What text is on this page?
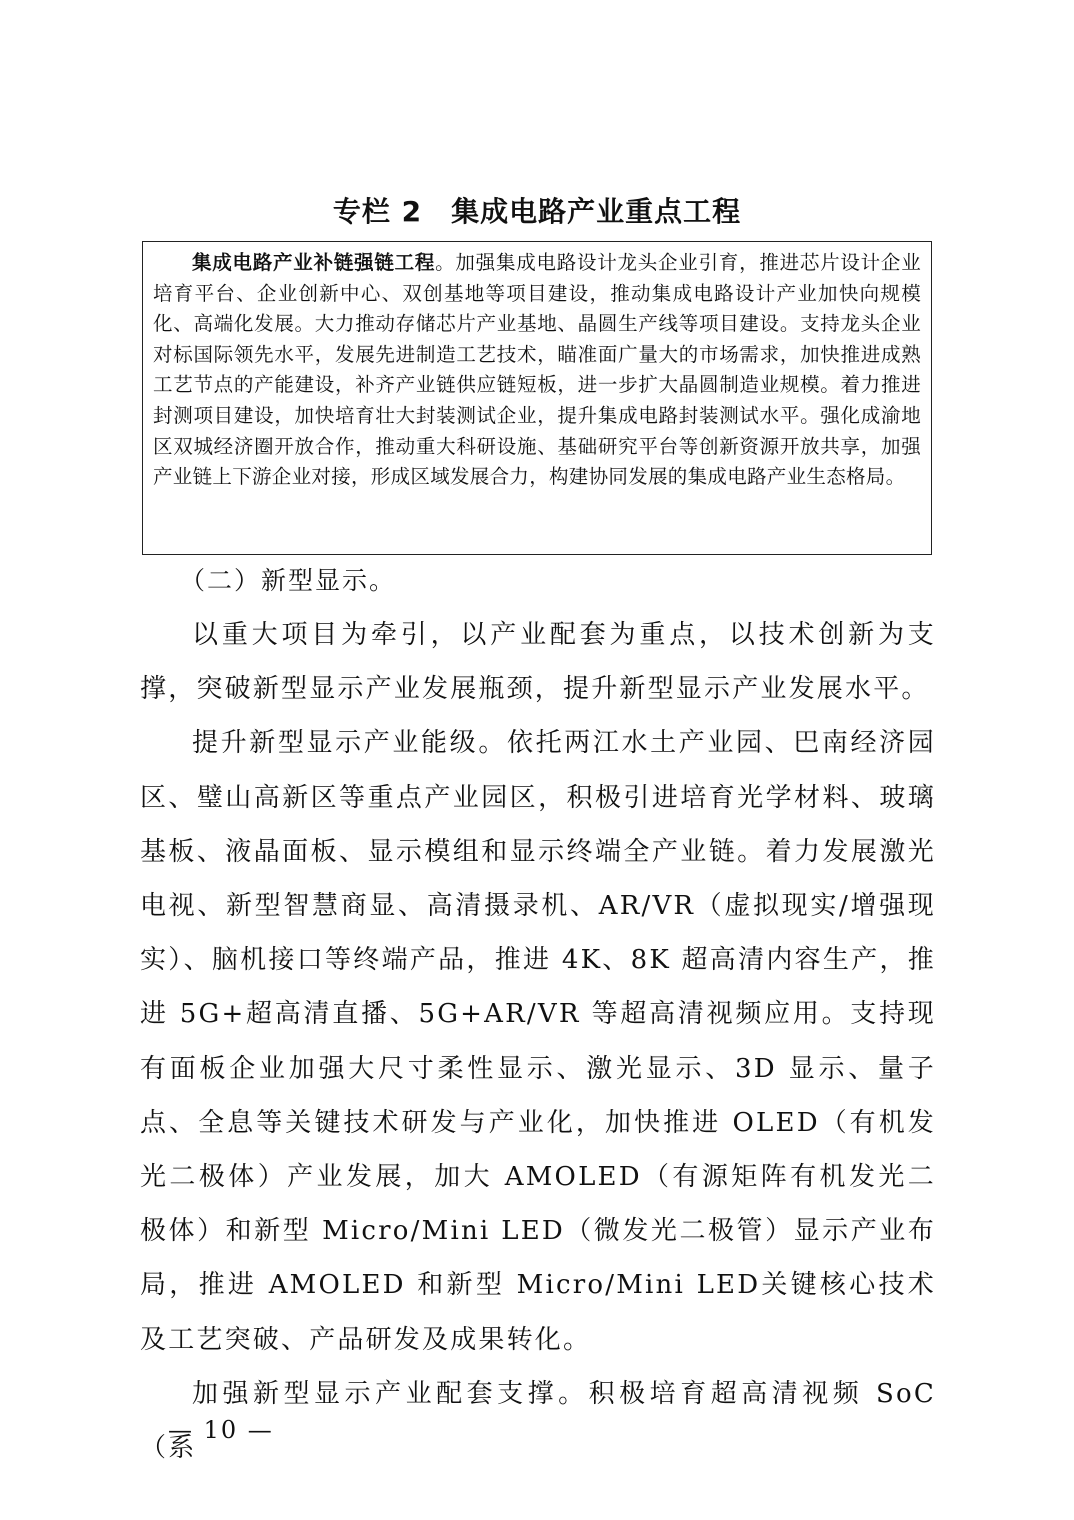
专栏 2　集成电路产业重点工程
集成电路产业补链强链工程。加强集成电路设计龙头企业引育，推进芯片设计企业培育平台、企业创新中心、双创基地等项目建设，推动集成电路设计产业加快向规模化、高端化发展。大力推动存储芯片产业基地、晶圆生产线等项目建设。支持龙头企业对标国际领先水平，发展先进制造工艺技术，瞄准面广量大的市场需求，加快推进成熟工艺节点的产能建设，补齐产业链供应链短板，进一步扩大晶圆制造业规模。着力推进封测项目建设，加快培育壮大封装测试企业，提升集成电路封装测试水平。强化成渝地区双城经济圈开放合作，推动重大科研设施、基础研究平台等创新资源开放共享，加强产业链上下游企业对接，形成区域发展合力，构建协同发展的集成电路产业生态格局。
（二）新型显示。

以重大项目为牵引，以产业配套为重点，以技术创新为支撑，突破新型显示产业发展瓶颈，提升新型显示产业发展水平。

提升新型显示产业能级。依托两江水土产业园、巴南经济园区、璧山高新区等重点产业园区，积极引进培育光学材料、玻璃基板、液晶面板、显示模组和显示终端全产业链。着力发展激光电视、新型智慧商显、高清摄录机、AR/VR（虚拟现实/增强现实）、脑机接口等终端产品，推进 4K、8K 超高清内容生产，推进 5G+超高清直播、5G+AR/VR 等超高清视频应用。支持现有面板企业加强大尺寸柔性显示、激光显示、3D 显示、量子点、全息等关键技术研发与产业化，加快推进 OLED（有机发光二极体）产业发展，加大 AMOLED（有源矩阵有机发光二极体）和新型 Micro/Mini LED（微发光二极管）显示产业布局，推进 AMOLED 和新型 Micro/Mini LED关键核心技术及工艺突破、产品研发及成果转化。

加强新型显示产业配套支撑。积极培育超高清视频 SoC（系

— 10 —
